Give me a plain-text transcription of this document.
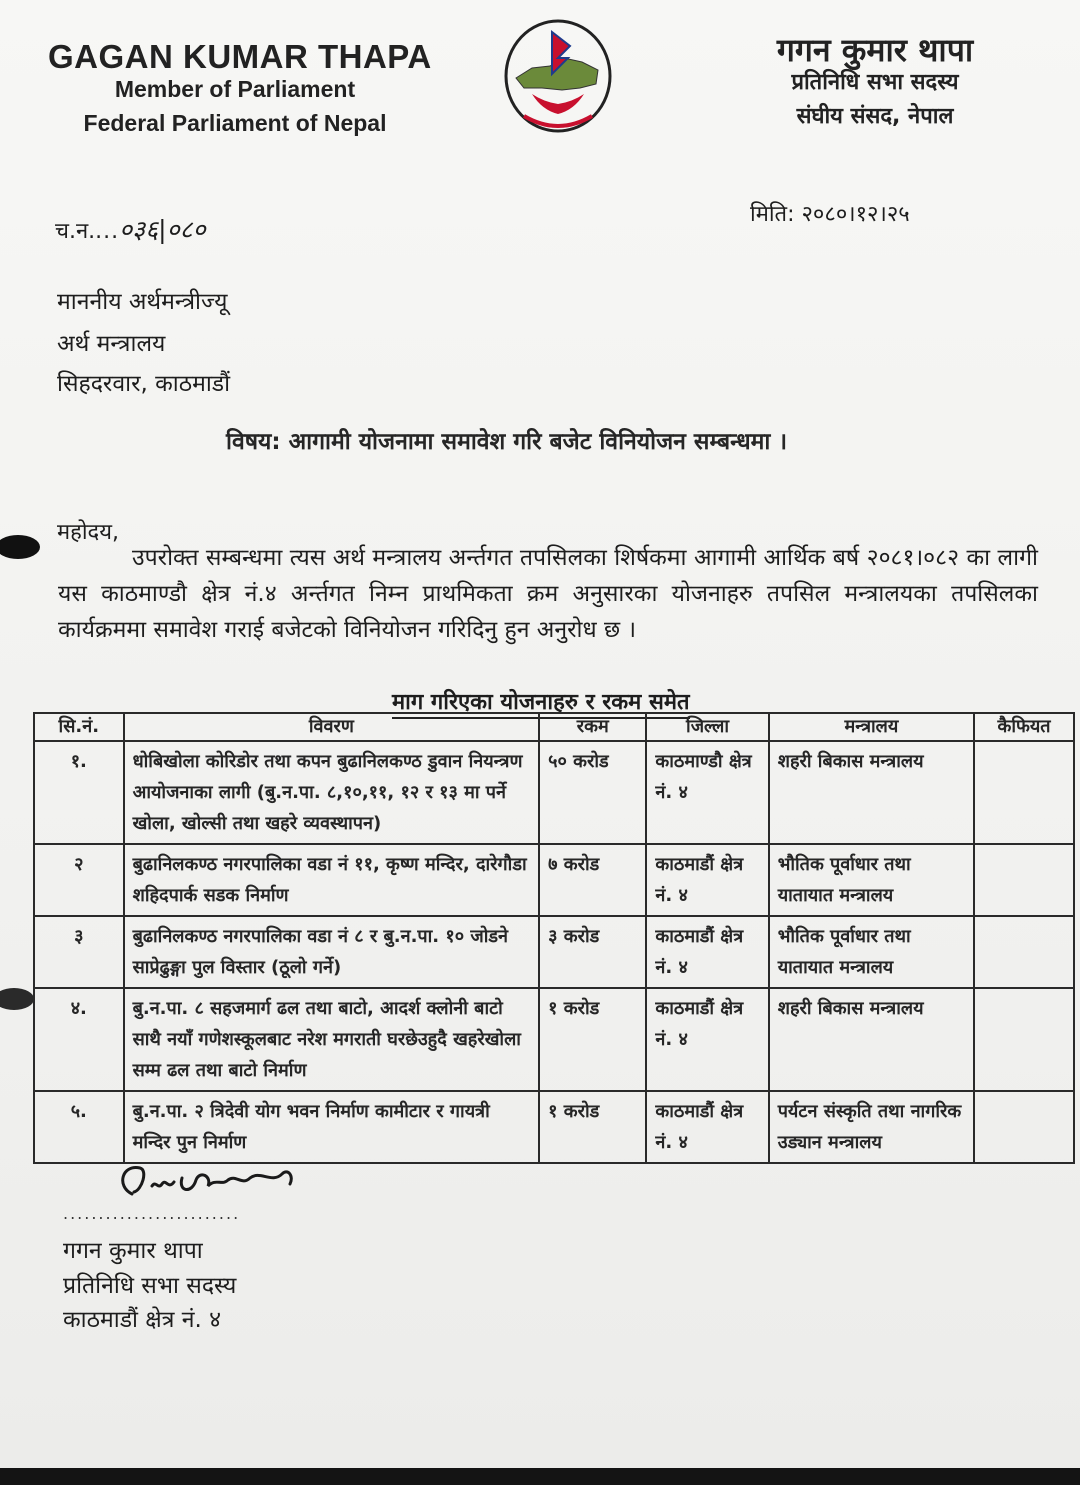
GAGAN KUMAR THAPA
Member of Parliament
Federal Parliament of Nepal
गगन कुमार थापा
प्रतिनिधि सभा सदस्य
संघीय संसद, नेपाल
च.न....०३६|०८०
मिति: २०८०।१२।२५
माननीय अर्थमन्त्रीज्यू
अर्थ मन्त्रालय
सिहदरवार, काठमाडौं
विषय: आगामी योजनामा समावेश गरि बजेट विनियोजन सम्बन्धमा ।
महोदय,
उपरोक्त सम्बन्धमा त्यस अर्थ मन्त्रालय अर्न्तगत तपसिलका शिर्षकमा आगामी आर्थिक बर्ष २०८१।०८२ का लागी यस काठमाण्डौ क्षेत्र नं.४ अर्न्तगत निम्न प्राथमिकता क्रम अनुसारका योजनाहरु तपसिल मन्त्रालयका तपसिलका कार्यक्रममा समावेश गराई बजेटको विनियोजन गरिदिनु हुन अनुरोध छ ।
माग गरिएका योजनाहरु र रकम समेत
सि.नं.	विवरण	रकम	जिल्ला	मन्त्रालय	कैफियत
१.	धोबिखोला कोरिडोर तथा कपन बुढानिलकण्ठ डुवान नियन्त्रण आयोजनाका लागी (बु.न.पा. ८,१०,११, १२ र १३ मा पर्ने खोला, खोल्सी तथा खहरे व्यवस्थापन)	५० करोड	काठमाण्डौ क्षेत्र नं. ४	शहरी बिकास मन्त्रालय	
२	बुढानिलकण्ठ नगरपालिका वडा नं ११, कृष्ण मन्दिर, दारेगौडा शहिदपार्क सडक निर्माण	७ करोड	काठमाडौं क्षेत्र नं. ४	भौतिक पूर्वाधार तथा यातायात मन्त्रालय	
३	बुढानिलकण्ठ नगरपालिका वडा नं ८ र बु.न.पा. १० जोडने साप्रेढुङ्गा पुल विस्तार (ठूलो गर्ने)	३ करोड	काठमाडौं क्षेत्र नं. ४	भौतिक पूर्वाधार तथा यातायात मन्त्रालय	
४.	बु.न.पा. ८ सहजमार्ग ढल तथा बाटो, आदर्श क्लोनी बाटो साथै नयाँ गणेशस्कूलबाट नरेश मगराती घरछेउहुदै खहरेखोला सम्म ढल तथा बाटो निर्माण	१ करोड	काठमाडौं क्षेत्र नं. ४	शहरी बिकास मन्त्रालय	
५.	बु.न.पा. २ त्रिदेवी योग भवन निर्माण कामीटार र गायत्री मन्दिर पुन निर्माण	१ करोड	काठमाडौं क्षेत्र नं. ४	पर्यटन संस्कृति तथा नागरिक उड्यान मन्त्रालय	
.........................
गगन कुमार थापा
प्रतिनिधि सभा सदस्य
काठमाडौं क्षेत्र नं. ४
